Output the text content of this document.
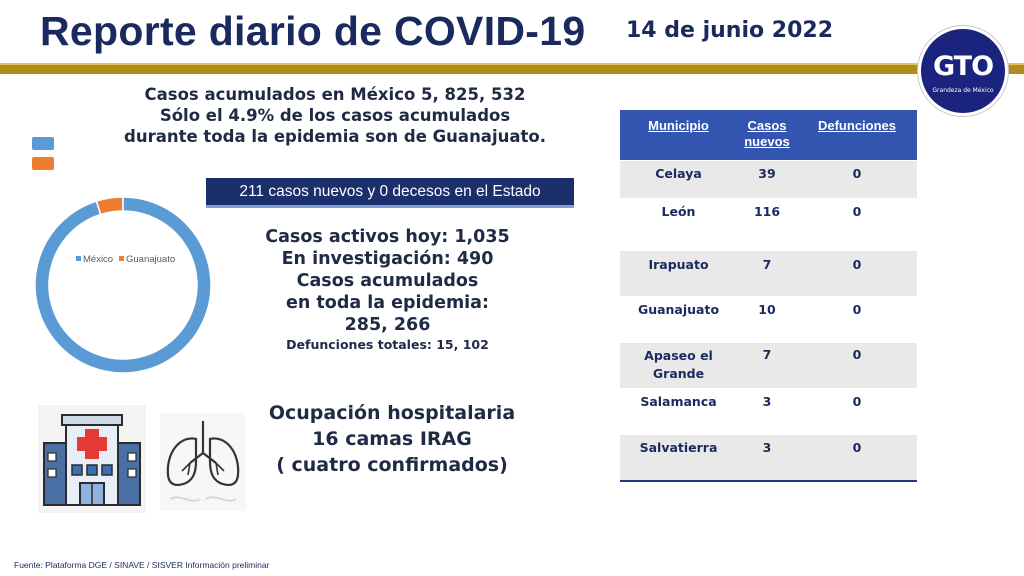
Reporte diario de COVID-19 14 de junio 2022
GTO
Grandeza de México
Casos acumulados en México 5, 825, 532
Sólo el 4.9% de los casos acumulados
durante toda la epidemia son de Guanajuato.
211 casos nuevos y 0 decesos en el Estado
México Guanajuato
Casos activos hoy: 1,035
En investigación: 490
Casos acumulados
en toda la epidemia:
285, 266
Defunciones totales: 15, 102
Ocupación hospitalaria
16 camas IRAG
( cuatro confirmados)
Municipio	Casos
nuevos
Defunciones
Celaya	39	0
León	116	0
Irapuato	7	0
Guanajuato	10	0
Apaseo el
Grande
7	0
Salamanca	3	0
Salvatierra	3	0
Fuente: Plataforma DGE / SINAVE / SISVER Información preliminar
